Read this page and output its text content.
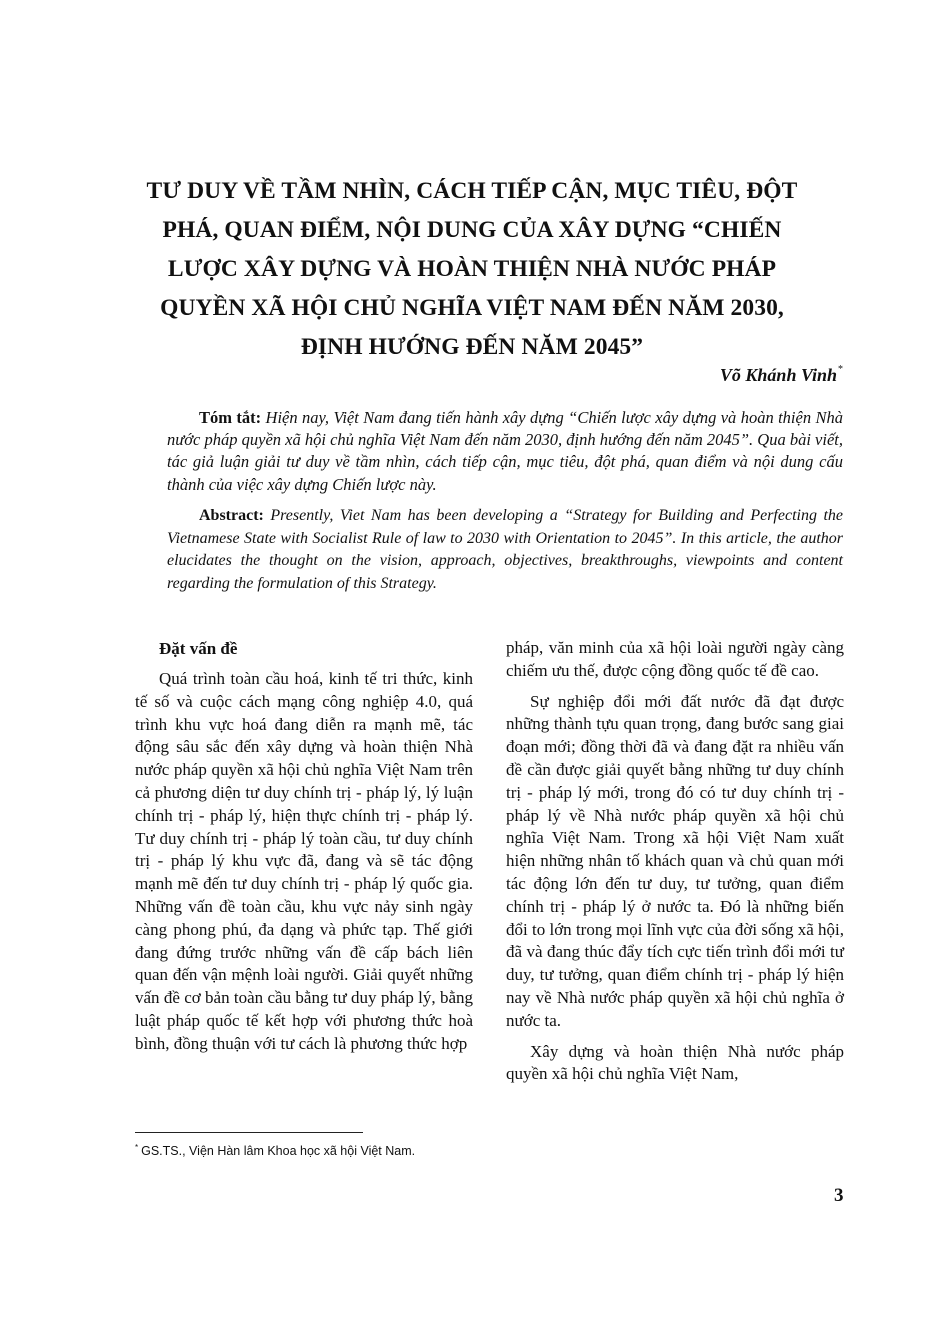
TƯ DUY VỀ TẦM NHÌN, CÁCH TIẾP CẬN, MỤC TIÊU, ĐỘT
PHÁ, QUAN ĐIỂM, NỘI DUNG CỦA XÂY DỰNG “CHIẾN
LƯỢC XÂY DỰNG VÀ HOÀN THIỆN NHÀ NƯỚC PHÁP
QUYỀN XÃ HỘI CHỦ NGHĨA VIỆT NAM ĐẾN NĂM 2030,
ĐỊNH HƯỚNG ĐẾN NĂM 2045”
Võ Khánh Vinh*

Tóm tắt: Hiện nay, Việt Nam đang tiến hành xây dựng “Chiến lược xây dựng và hoàn thiện Nhà nước pháp quyền xã hội chủ nghĩa Việt Nam đến năm 2030, định hướng đến năm 2045”. Qua bài viết, tác giả luận giải tư duy về tầm nhìn, cách tiếp cận, mục tiêu, đột phá, quan điểm và nội dung cấu thành của việc xây dựng Chiến lược này.

Abstract: Presently, Viet Nam has been developing a “Strategy for Building and Perfecting the Vietnamese State with Socialist Rule of law to 2030 with Orientation to 2045”. In this article, the author elucidates the thought on the vision, approach, objectives, breakthroughs, viewpoints and content regarding the formulation of this Strategy.

Đặt vấn đề

Quá trình toàn cầu hoá, kinh tế tri thức, kinh tế số và cuộc cách mạng công nghiệp 4.0, quá trình khu vực hoá đang diễn ra mạnh mẽ, tác động sâu sắc đến xây dựng và hoàn thiện Nhà nước pháp quyền xã hội chủ nghĩa Việt Nam trên cả phương diện tư duy chính trị - pháp lý, lý luận chính trị - pháp lý, hiện thực chính trị - pháp lý. Tư duy chính trị - pháp lý toàn cầu, tư duy chính trị - pháp lý khu vực đã, đang và sẽ tác động mạnh mẽ đến tư duy chính trị - pháp lý quốc gia. Những vấn đề toàn cầu, khu vực nảy sinh ngày càng phong phú, đa dạng và phức tạp. Thế giới đang đứng trước những vấn đề cấp bách liên quan đến vận mệnh loài người. Giải quyết những vấn đề cơ bản toàn cầu bằng tư duy pháp lý, bằng luật pháp quốc tế kết hợp với phương thức hoà bình, đồng thuận với tư cách là phương thức hợp

pháp, văn minh của xã hội loài người ngày càng chiếm ưu thế, được cộng đồng quốc tế đề cao.

Sự nghiệp đổi mới đất nước đã đạt được những thành tựu quan trọng, đang bước sang giai đoạn mới; đồng thời đã và đang đặt ra nhiều vấn đề cần được giải quyết bằng những tư duy chính trị - pháp lý mới, trong đó có tư duy chính trị - pháp lý về Nhà nước pháp quyền xã hội chủ nghĩa Việt Nam. Trong xã hội Việt Nam xuất hiện những nhân tố khách quan và chủ quan mới tác động lớn đến tư duy, tư tưởng, quan điểm chính trị - pháp lý ở nước ta. Đó là những biến đổi to lớn trong mọi lĩnh vực của đời sống xã hội, đã và đang thúc đẩy tích cực tiến trình đổi mới tư duy, tư tưởng, quan điểm chính trị - pháp lý hiện nay về Nhà nước pháp quyền xã hội chủ nghĩa ở nước ta.

Xây dựng và hoàn thiện Nhà nước pháp quyền xã hội chủ nghĩa Việt Nam,

* GS.TS., Viện Hàn lâm Khoa học xã hội Việt Nam.
3
